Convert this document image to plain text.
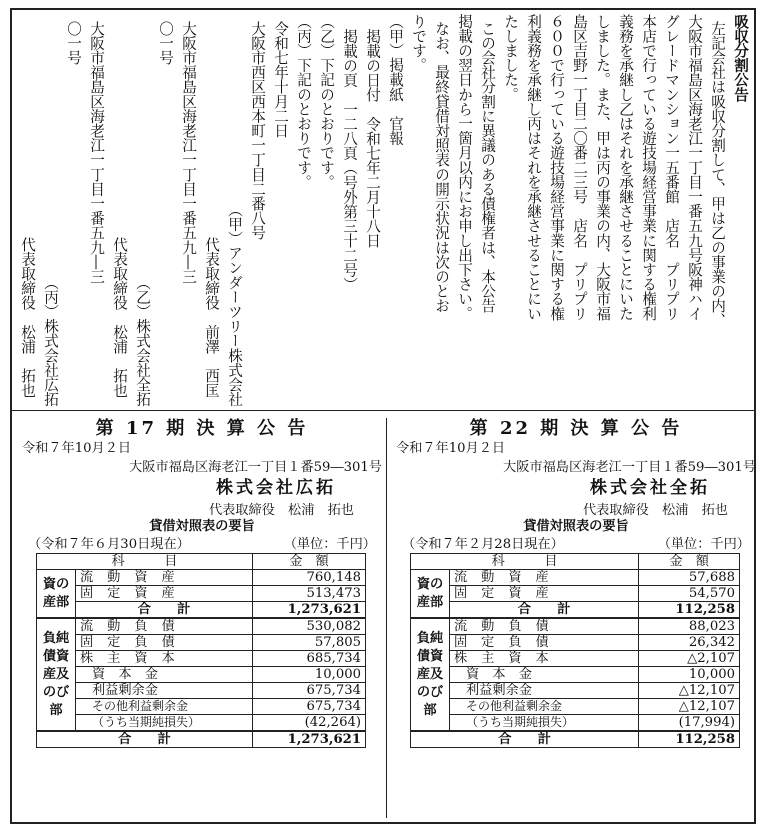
吸収分割公告

左記会社は吸収分割して、甲は乙の事業の内、

大阪市福島区海老江一丁目一番五九号阪神ハイ

グレードマンション一五番館　店名　プリプリ

本店で行っている遊技場経営事業に関する権利

義務を承継し乙はそれを承継させることにいた

しました。また、甲は丙の事業の内、大阪市福

島区吉野一丁目二〇番二三号　店名　プリプリ

６００で行っている遊技場経営事業に関する権

利義務を承継し丙はそれを承継させることにい

たしました。

この会社分割に異議のある債権者は、本公告

掲載の翌日から一箇月以内にお申し出下さい。

なお、最終貸借対照表の開示状況は次のとお

りです。

（甲）掲載紙　官報

掲載の日付　令和七年二月十八日

掲載の頁　一二八頁（号外第三十二号）

（乙）下記のとおりです。

（丙）下記のとおりです。

令和七年十月二日

大阪市西区西本町一丁目二番八号

（甲）アンダーツリー株式会社

代表取締役　前澤　西匡

大阪市福島区海老江一丁目一番五九―三

〇一号

（乙）株式会社全拓

代表取締役　松浦　拓也

大阪市福島区海老江一丁目一番五九―三

〇一号

（丙）株式会社広拓

代表取締役　松浦　拓也

第 17 期 決 算 公 告
令和７年10月２日
大阪市福島区海老江一丁目１番59―301号
株式会社広拓
代表取締役　松浦　拓也
貸借対照表の要旨
（令和７年６月30日現在）	（単位：千円）
科　　　目		金　額
資の産部	流動資産	760,148
	固定資産	513,473
	合　　計	1,273,621
負純債資産及のび部	流動負債	530,082
	固定負債	57,805
	株主資本	685,734
	資　本　金	10,000
	利益剰余金	675,734
	その他利益剰余金	675,734
	（うち当期純損失）	(42,264)
合　　計		1,273,621
第 22 期 決 算 公 告
令和７年10月２日
大阪市福島区海老江一丁目１番59―301号
株式会社全拓
代表取締役　松浦　拓也
貸借対照表の要旨
（令和７年２月28日現在）	（単位：千円）
科　　　目		金　額
資の産部	流動資産	57,688
	固定資産	54,570
	合　　計	112,258
負純債資産及のび部	流動負債	88,023
	固定負債	26,342
	株主資本	△2,107
	資　本　金	10,000
	利益剰余金	△12,107
	その他利益剰余金	△12,107
	（うち当期純損失）	(17,994)
合　　計		112,258
